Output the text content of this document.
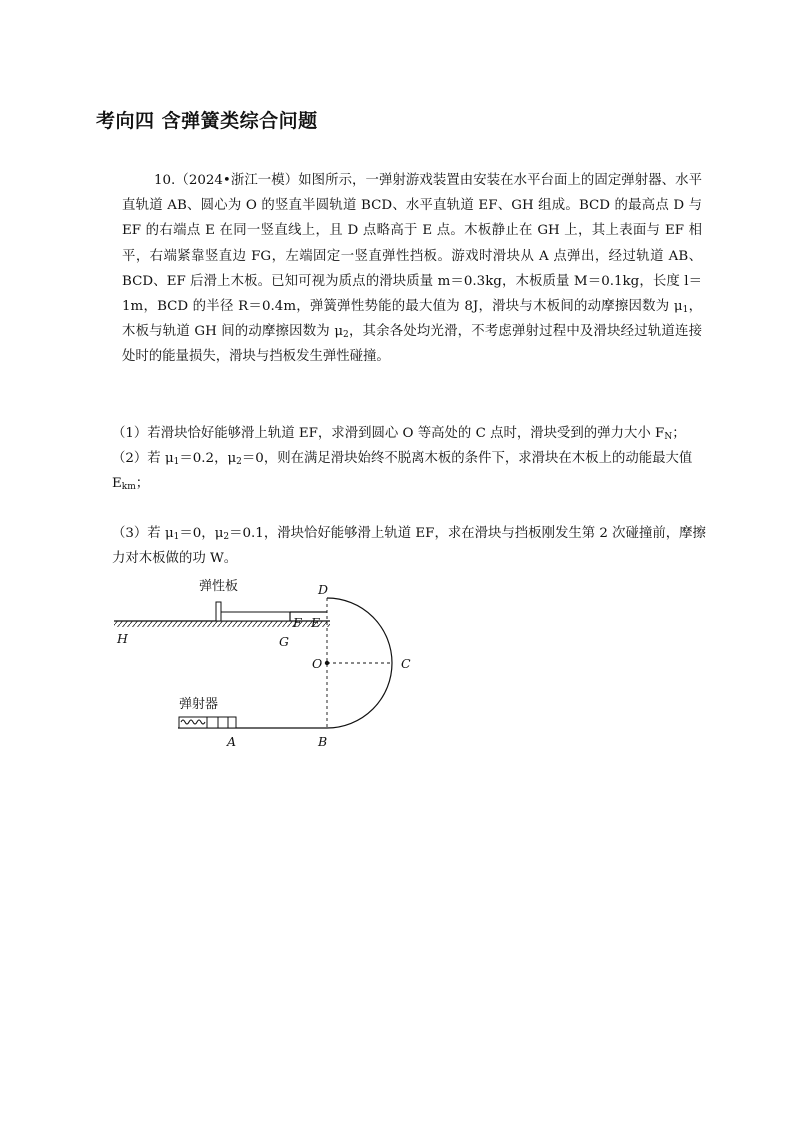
考向四 含弹簧类综合问题
10.（2024•浙江一模）如图所示，一弹射游戏装置由安装在水平台面上的固定弹射器、水平直轨道 AB、圆心为 O 的竖直半圆轨道 BCD、水平直轨道 EF、GH 组成。BCD 的最高点 D 与 EF 的右端点 E 在同一竖直线上，且 D 点略高于 E 点。木板静止在 GH 上，其上表面与 EF 相平，右端紧靠竖直边 FG，左端固定一竖直弹性挡板。游戏时滑块从 A 点弹出，经过轨道 AB、BCD、EF 后滑上木板。已知可视为质点的滑块质量 m＝0.3kg，木板质量 M＝0.1kg，长度 l＝1m，BCD 的半径 R＝0.4m，弹簧弹性势能的最大值为 8J，滑块与木板间的动摩擦因数为 $\mu_1$，木板与轨道 GH 间的动摩擦因数为 $\mu_2$，其余各处均光滑，不考虑弹射过程中及滑块经过轨道连接处时的能量损失，滑块与挡板发生弹性碰撞。
（1）若滑块恰好能够滑上轨道 EF，求滑到圆心 O 等高处的 C 点时，滑块受到的弹力大小 $F_N$；
（2）若 $\mu_1=0.2$，$\mu_2=0$，则在满足滑块始终不脱离木板的条件下，求滑块在木板上的动能最大值 $E_{km}$；
（3）若 $\mu_1=0$，$\mu_2=0.1$，滑块恰好能够滑上轨道 EF，求在滑块与挡板刚发生第 2 次碰撞前，摩擦力对木板做的功 W。
弹性板
弹射器
D
E
F
G
H
O	C
A	B
